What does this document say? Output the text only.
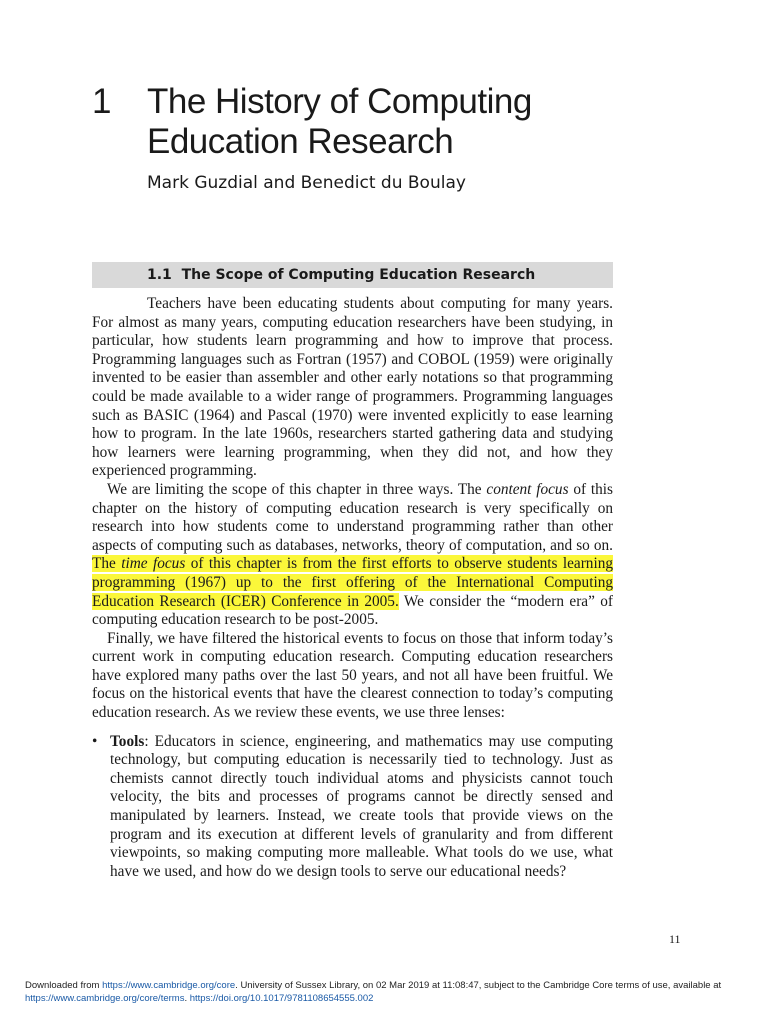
1 The History of Computing Education Research
Mark Guzdial and Benedict du Boulay
1.1 The Scope of Computing Education Research

Teachers have been educating students about computing for many years. For almost as many years, computing education researchers have been studying, in particular, how students learn programming and how to improve that process. Programming languages such as Fortran (1957) and COBOL (1959) were originally invented to be easier than assembler and other early notations so that programming could be made available to a wider range of programmers. Programming languages such as BASIC (1964) and Pascal (1970) were invented explicitly to ease learning how to program. In the late 1960s, researchers started gathering data and studying how learners were learning programming, when they did not, and how they experienced programming.

We are limiting the scope of this chapter in three ways. The content focus of this chapter on the history of computing education research is very specifically on research into how students come to understand programming rather than other aspects of computing such as databases, networks, theory of computation, and so on. The time focus of this chapter is from the first efforts to observe students learning programming (1967) up to the first offering of the International Computing Education Research (ICER) Conference in 2005. We consider the “modern era” of computing education research to be post-2005.

Finally, we have filtered the historical events to focus on those that inform today’s current work in computing education research. Computing education researchers have explored many paths over the last 50 years, and not all have been fruitful. We focus on the historical events that have the clearest connection to today’s computing education research. As we review these events, we use three lenses:

• Tools: Educators in science, engineering, and mathematics may use computing technology, but computing education is necessarily tied to technology. Just as chemists cannot directly touch individual atoms and physicists cannot touch velocity, the bits and processes of programs cannot be directly sensed and manipulated by learners. Instead, we create tools that provide views on the program and its execution at different levels of granularity and from different viewpoints, so making computing more malleable. What tools do we use, what have we used, and how do we design tools to serve our educational needs?
11
Downloaded from https://www.cambridge.org/core. University of Sussex Library, on 02 Mar 2019 at 11:08:47, subject to the Cambridge Core terms of use, available at https://www.cambridge.org/core/terms. https://doi.org/10.1017/9781108654555.002
